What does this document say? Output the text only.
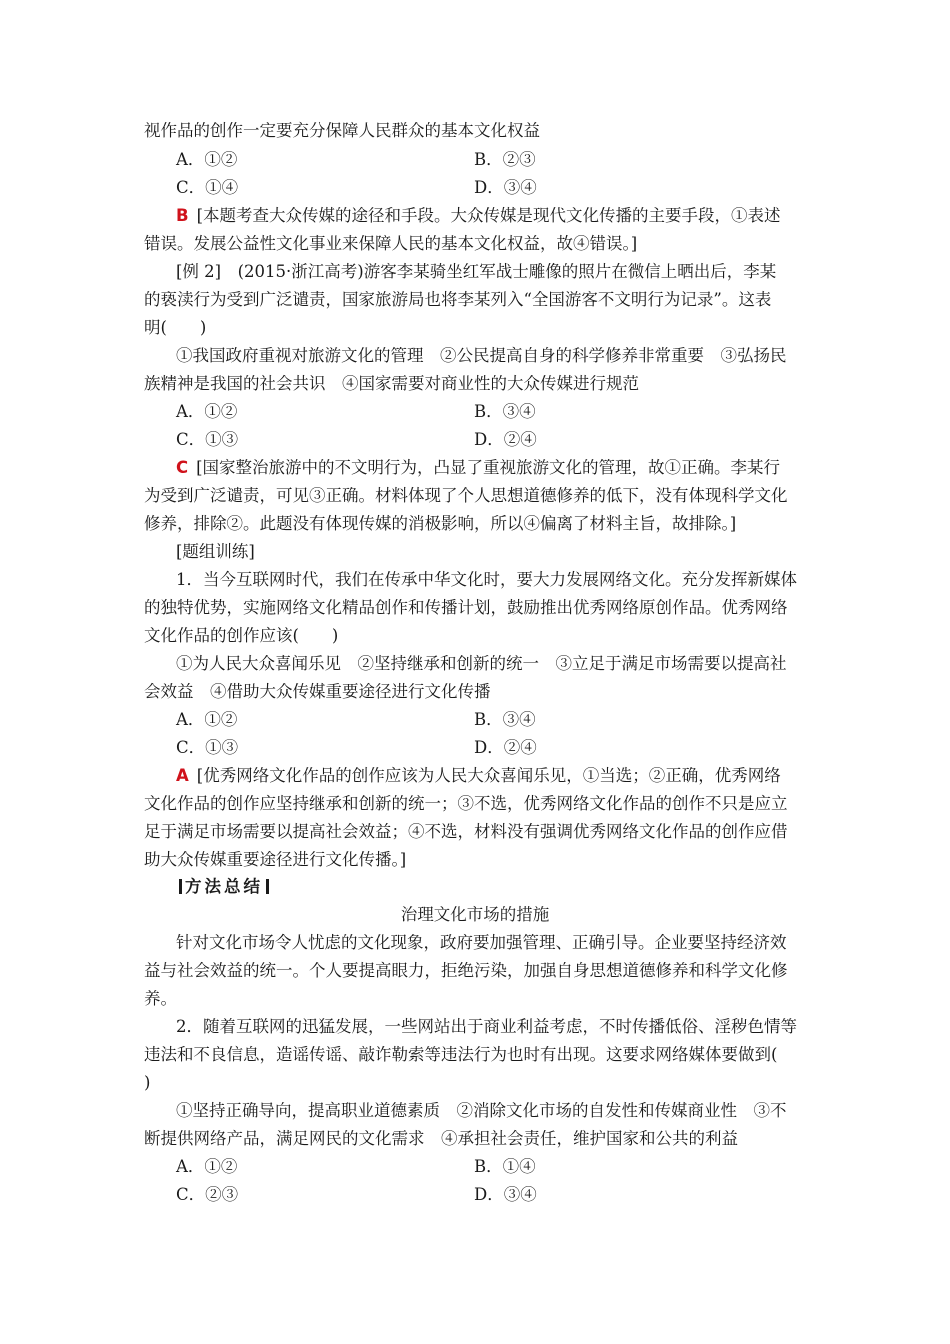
视作品的创作一定要充分保障人民群众的基本文化权益
A．①②	B．②③
C．①④	D．③④
B [本题考查大众传媒的途径和手段。大众传媒是现代文化传播的主要手段，①表述
错误。发展公益性文化事业来保障人民的基本文化权益，故④错误。]
[例 2]　(2015·浙江高考)游客李某骑坐红军战士雕像的照片在微信上晒出后，李某
的亵渎行为受到广泛谴责，国家旅游局也将李某列入“全国游客不文明行为记录”。这表
明(　　)
①我国政府重视对旅游文化的管理　②公民提高自身的科学修养非常重要　③弘扬民
族精神是我国的社会共识　④国家需要对商业性的大众传媒进行规范
A．①②	B．③④
C．①③	D．②④
C [国家整治旅游中的不文明行为，凸显了重视旅游文化的管理，故①正确。李某行
为受到广泛谴责，可见③正确。材料体现了个人思想道德修养的低下，没有体现科学文化
修养，排除②。此题没有体现传媒的消极影响，所以④偏离了材料主旨，故排除。]
[题组训练]
1．当今互联网时代，我们在传承中华文化时，要大力发展网络文化。充分发挥新媒体
的独特优势，实施网络文化精品创作和传播计划，鼓励推出优秀网络原创作品。优秀网络
文化作品的创作应该(　　)
①为人民大众喜闻乐见　②坚持继承和创新的统一　③立足于满足市场需要以提高社
会效益　④借助大众传媒重要途径进行文化传播
A．①②	B．③④
C．①③	D．②④
A [优秀网络文化作品的创作应该为人民大众喜闻乐见，①当选；②正确，优秀网络
文化作品的创作应坚持继承和创新的统一；③不选，优秀网络文化作品的创作不只是应立
足于满足市场需要以提高社会效益；④不选，材料没有强调优秀网络文化作品的创作应借
助大众传媒重要途径进行文化传播。]
方法总结
治理文化市场的措施
针对文化市场令人忧虑的文化现象，政府要加强管理、正确引导。企业要坚持经济效
益与社会效益的统一。个人要提高眼力，拒绝污染，加强自身思想道德修养和科学文化修
养。
2．随着互联网的迅猛发展，一些网站出于商业利益考虑，不时传播低俗、淫秽色情等
违法和不良信息，造谣传谣、敲诈勒索等违法行为也时有出现。这要求网络媒体要做到(
)
①坚持正确导向，提高职业道德素质　②消除文化市场的自发性和传媒商业性　③不
断提供网络产品，满足网民的文化需求　④承担社会责任，维护国家和公共的利益
A．①②	B．①④
C．②③	D．③④
